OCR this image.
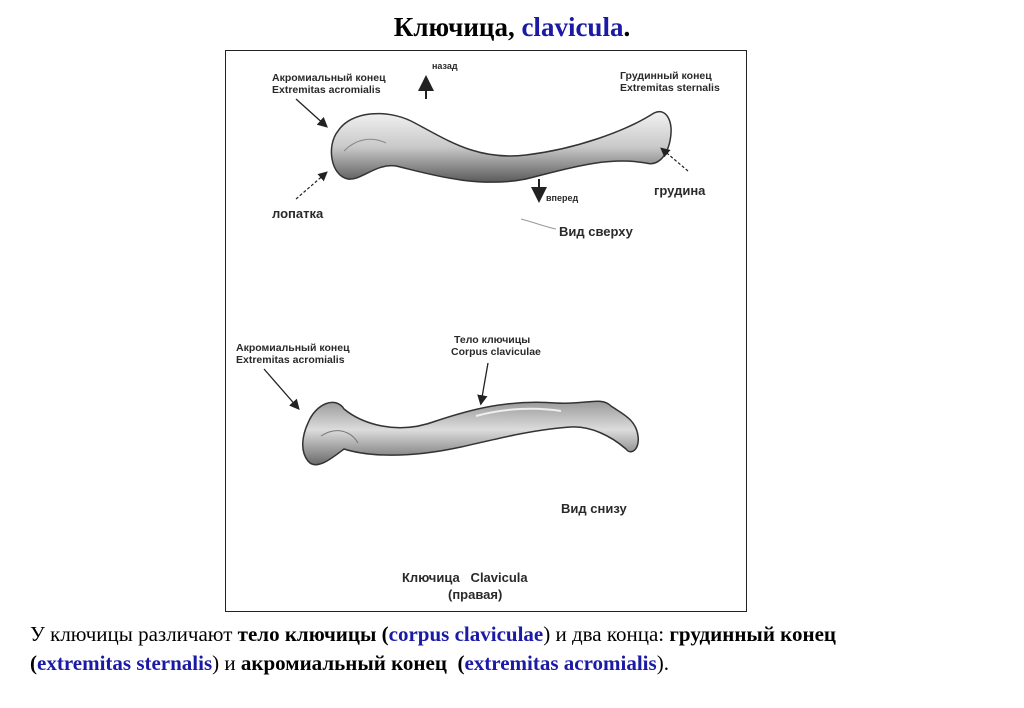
Ключица, clavicula.
Акромиальный конец
Extremitas acromialis
назад
Грудинный конец
Extremitas sternalis
лопатка
грудина
вперед
Вид сверху
Акромиальный конец
Extremitas acromialis
Тело ключицы
Corpus claviculae
Вид снизу
Ключица   Clavicula
(правая)
У ключицы различают тело ключицы (corpus claviculae) и два конца: грудинный конец
(extremitas sternalis) и акромиальный конец  (extremitas acromialis).
